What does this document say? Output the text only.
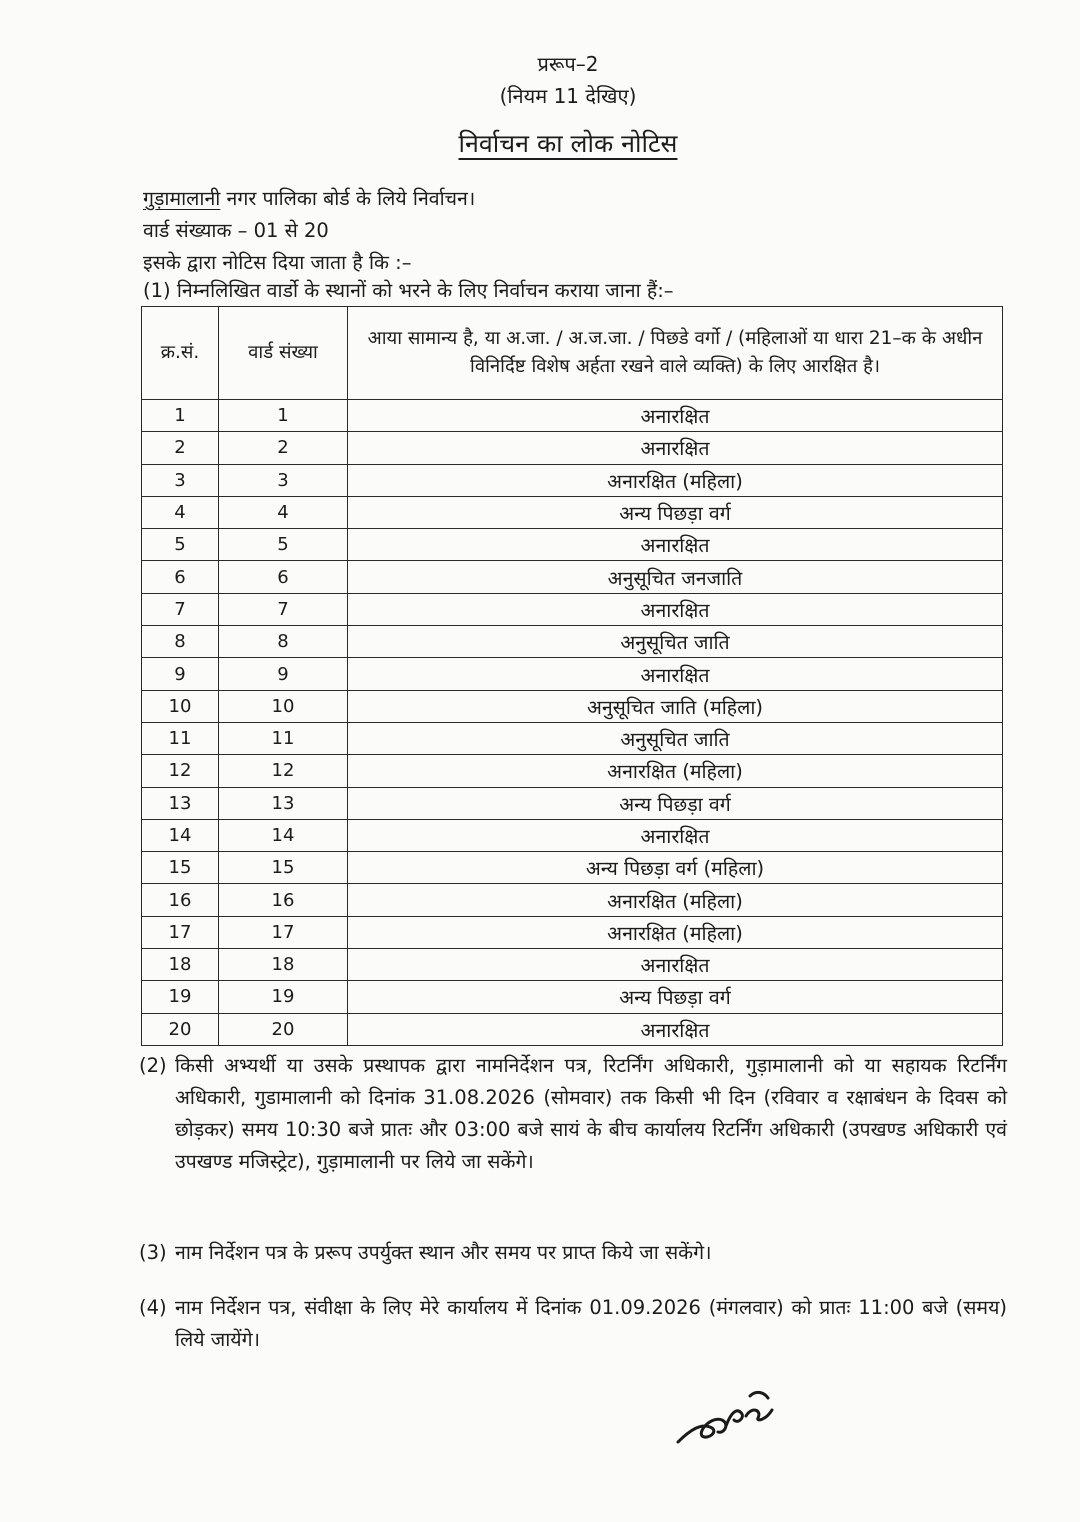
प्ररूप–2
(नियम 11 देखिए)
निर्वाचन का लोक नोटिस
गुड़ामालानी नगर पालिका बोर्ड के लिये निर्वाचन।
वार्ड संख्याक – 01 से 20
इसके द्वारा नोटिस दिया जाता है कि :–
(1) निम्नलिखित वार्डो के स्थानों को भरने के लिए निर्वाचन कराया जाना हैं:–
क्र.सं.	वार्ड संख्या	आया सामान्य है, या अ.जा. / अ.ज.जा. / पिछडे वर्गो / (महिलाओं या धारा 21–क के अधीन विनिर्दिष्ट विशेष अर्हता रखने वाले व्यक्ति) के लिए आरक्षित है।
1	1	अनारक्षित
2	2	अनारक्षित
3	3	अनारक्षित (महिला)
4	4	अन्य पिछड़ा वर्ग
5	5	अनारक्षित
6	6	अनुसूचित जनजाति
7	7	अनारक्षित
8	8	अनुसूचित जाति
9	9	अनारक्षित
10	10	अनुसूचित जाति (महिला)
11	11	अनुसूचित जाति
12	12	अनारक्षित (महिला)
13	13	अन्य पिछड़ा वर्ग
14	14	अनारक्षित
15	15	अन्य पिछड़ा वर्ग (महिला)
16	16	अनारक्षित (महिला)
17	17	अनारक्षित (महिला)
18	18	अनारक्षित
19	19	अन्य पिछड़ा वर्ग
20	20	अनारक्षित
(2) किसी अभ्यर्थी या उसके प्रस्थापक द्वारा नामनिर्देशन पत्र, रिटर्निंग अधिकारी, गुड़ामालानी को या सहायक रिटर्निंग अधिकारी, गुडामालानी को दिनांक 31.08.2026 (सोमवार) तक किसी भी दिन (रविवार व रक्षाबंधन के दिवस को छोड़कर) समय 10:30 बजे प्रातः और 03:00 बजे सायं के बीच कार्यालय रिटर्निंग अधिकारी (उपखण्ड अधिकारी एवं उपखण्ड मजिस्ट्रेट), गुड़ामालानी पर लिये जा सकेंगे।
(3) नाम निर्देशन पत्र के प्ररूप उपर्युक्त स्थान और समय पर प्राप्त किये जा सकेंगे।
(4) नाम निर्देशन पत्र, संवीक्षा के लिए मेरे कार्यालय में दिनांक 01.09.2026 (मंगलवार) को प्रातः 11:00 बजे (समय) लिये जायेंगे।
